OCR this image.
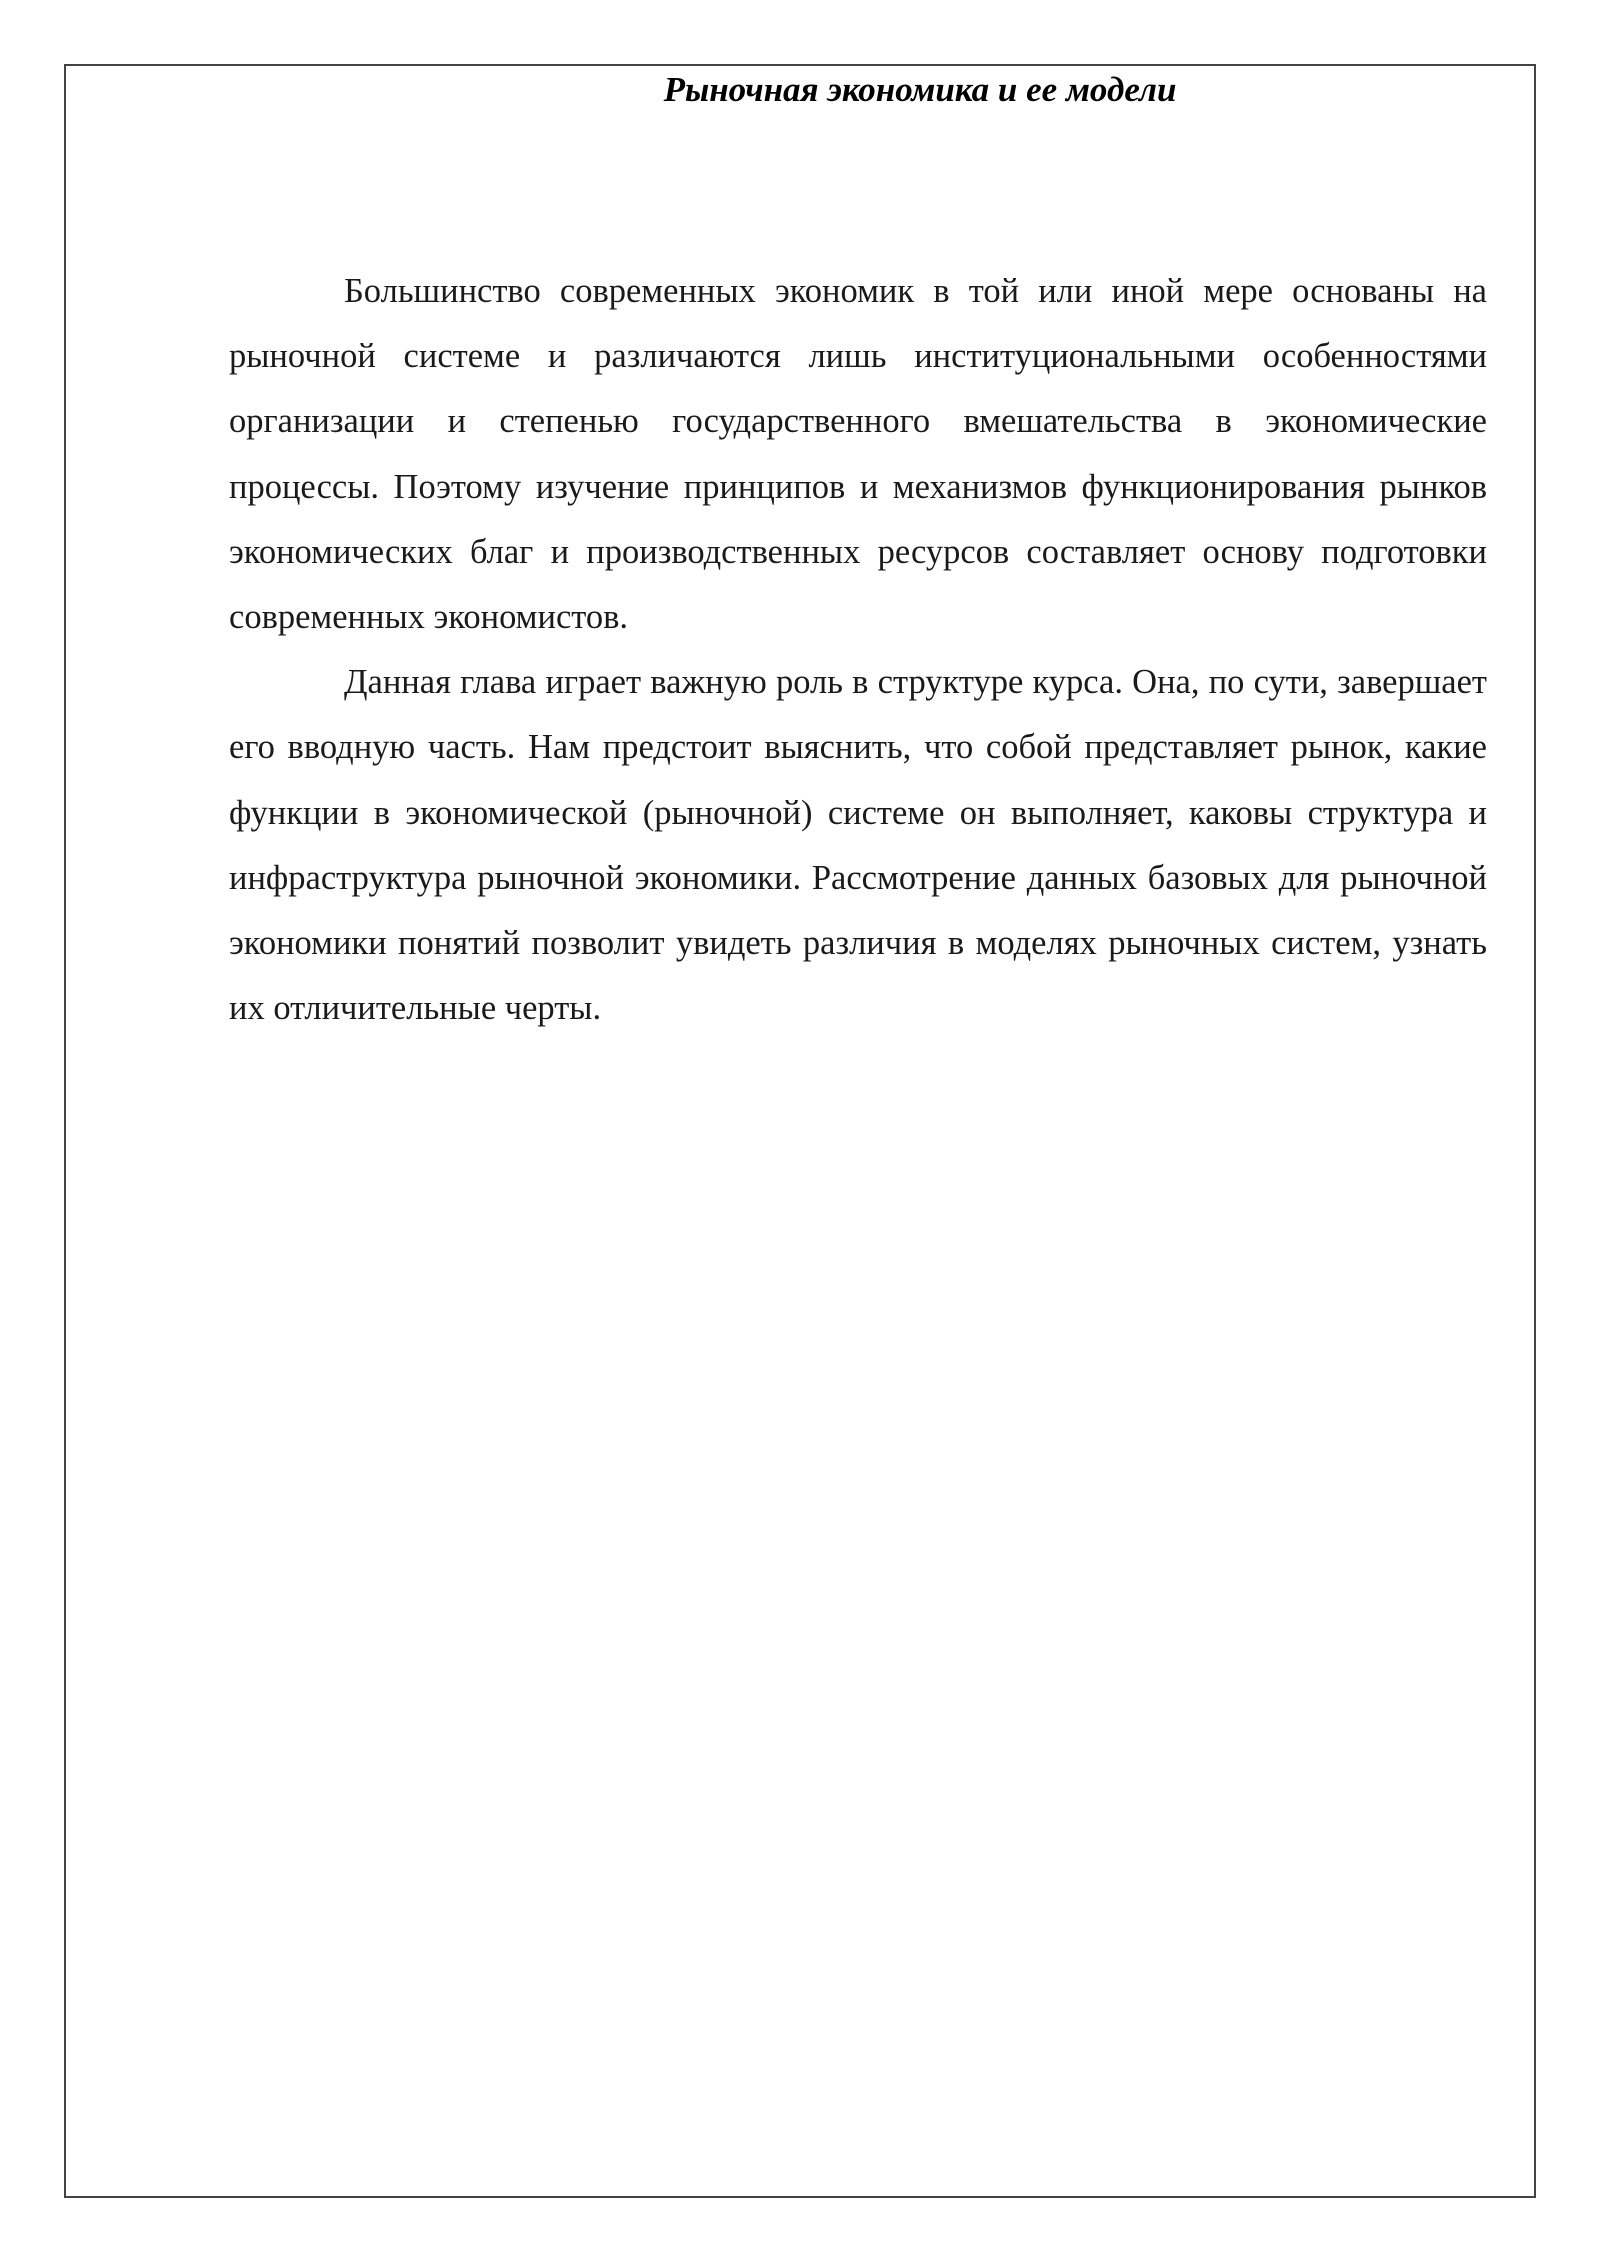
Рыночная экономика и ее модели

Большинство современных экономик в той или иной мере основаны на рыночной системе и различаются лишь институциональными особенностями организации и степенью государственного вмешательства в экономические процессы. Поэтому изучение принципов и механизмов функционирования рынков экономических благ и производственных ресурсов составляет основу подготовки современных экономистов.

Данная глава играет важную роль в структуре курса. Она, по сути, завершает его вводную часть. Нам предстоит выяснить, что собой представляет рынок, какие функции в экономической (рыночной) системе он выполняет, каковы структура и инфраструктура рыночной экономики. Рассмотрение данных базовых для рыночной экономики понятий позволит увидеть различия в моделях рыночных систем, узнать их отличительные черты.
